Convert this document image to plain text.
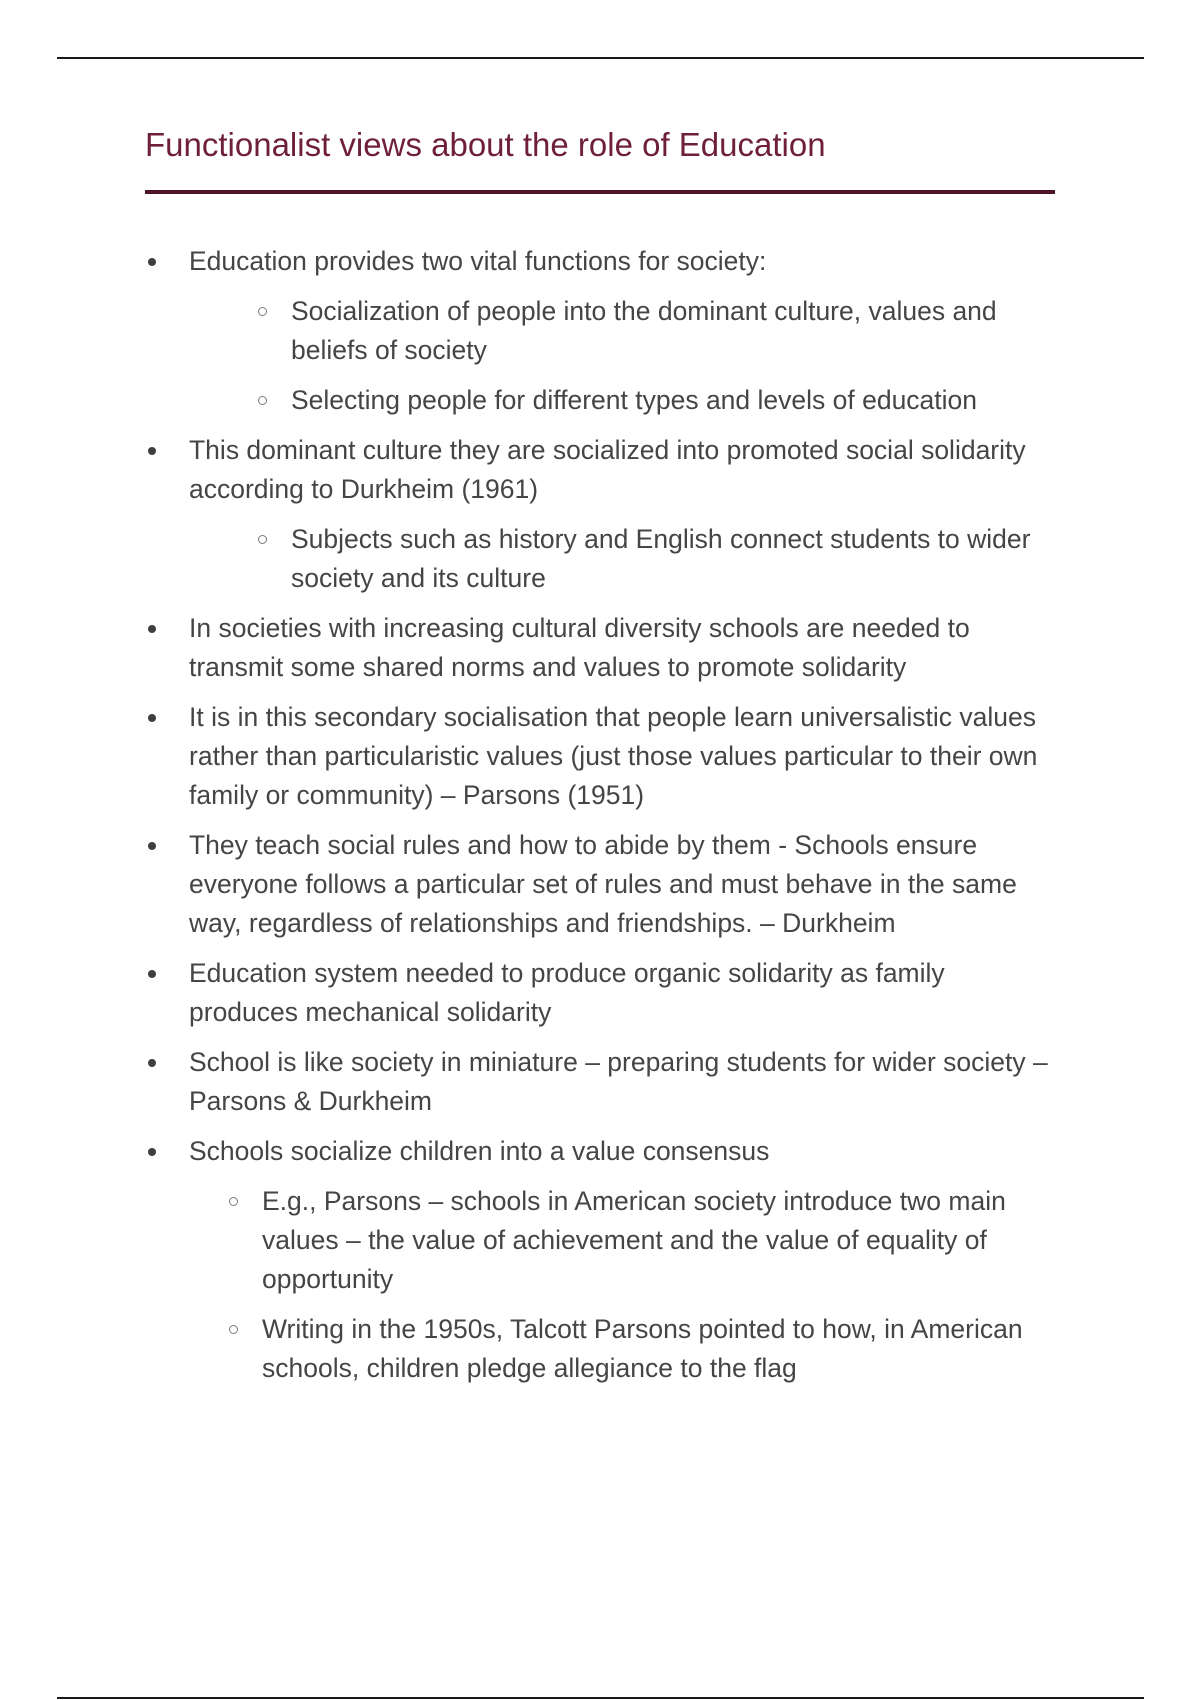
Functionalist views about the role of Education
Education provides two vital functions for society:
Socialization of people into the dominant culture, values and beliefs of society
Selecting people for different types and levels of education
This dominant culture they are socialized into promoted social solidarity according to Durkheim (1961)
Subjects such as history and English connect students to wider society and its culture
In societies with increasing cultural diversity schools are needed to transmit some shared norms and values to promote solidarity
It is in this secondary socialisation that people learn universalistic values rather than particularistic values (just those values particular to their own family or community) – Parsons (1951)
They teach social rules and how to abide by them - Schools ensure everyone follows a particular set of rules and must behave in the same way, regardless of relationships and friendships. – Durkheim
Education system needed to produce organic solidarity as family produces mechanical solidarity
School is like society in miniature – preparing students for wider society – Parsons & Durkheim
Schools socialize children into a value consensus
E.g., Parsons – schools in American society introduce two main values – the value of achievement and the value of equality of opportunity
Writing in the 1950s, Talcott Parsons pointed to how, in American schools, children pledge allegiance to the flag
